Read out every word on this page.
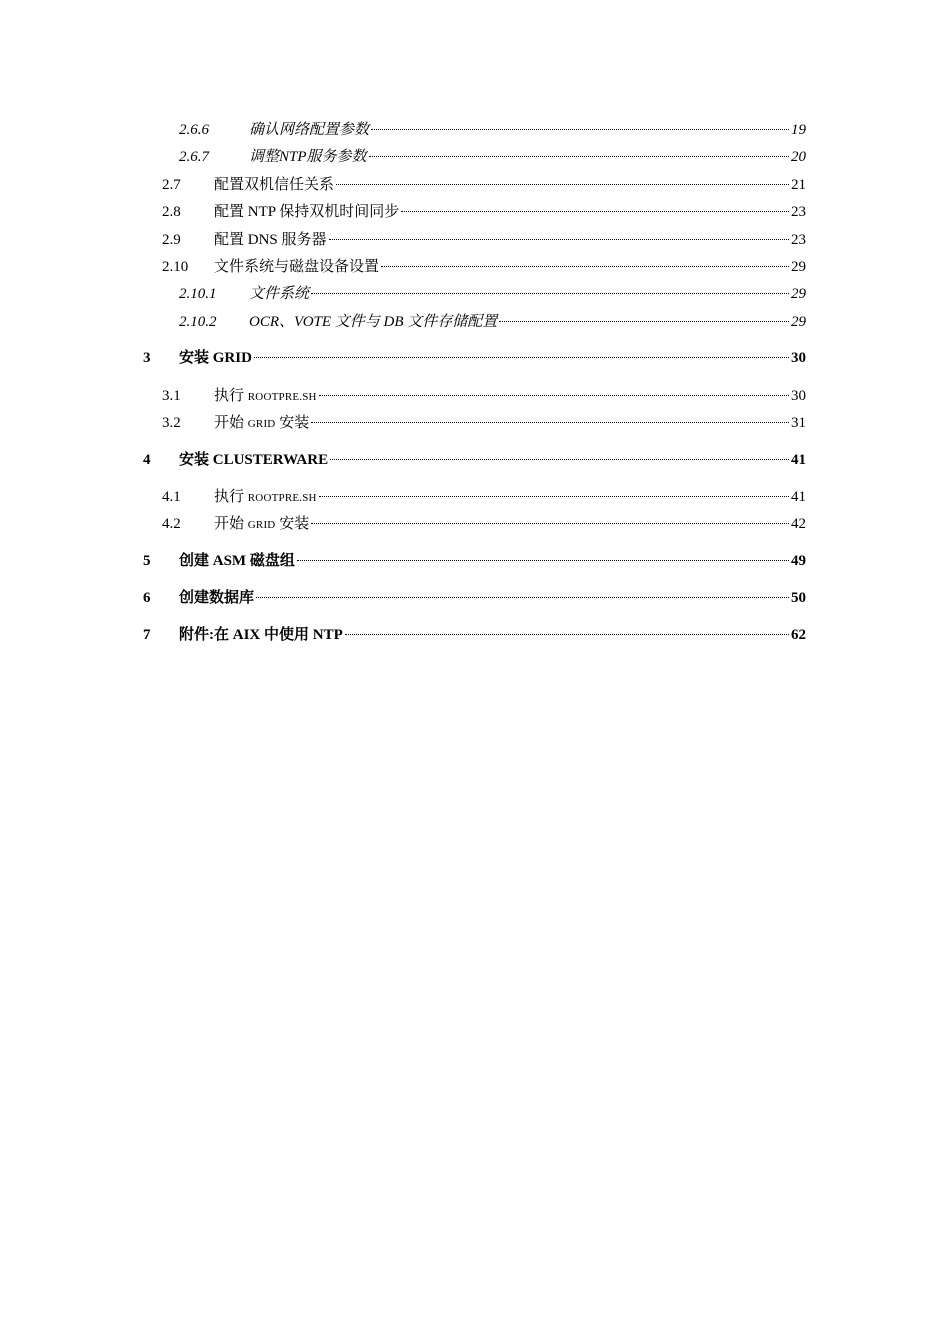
2.6.6	确认网络配置参数	19
2.6.7	调整NTP服务参数	20
2.7	配置双机信任关系	21
2.8	配置 NTP 保持双机时间同步	23
2.9	配置 DNS 服务器	23
2.10	文件系统与磁盘设备设置	29
2.10.1	文件系统	29
2.10.2	OCR、VOTE 文件与 DB 文件存储配置	29
3	安装 GRID	30
3.1	执行 ROOTPRE.SH	30
3.2	开始 GRID 安装	31
4	安装 CLUSTERWARE	41
4.1	执行 ROOTPRE.SH	41
4.2	开始 GRID 安装	42
5	创建 ASM 磁盘组	49
6	创建数据库	50
7	附件:在 AIX 中使用 NTP	62
